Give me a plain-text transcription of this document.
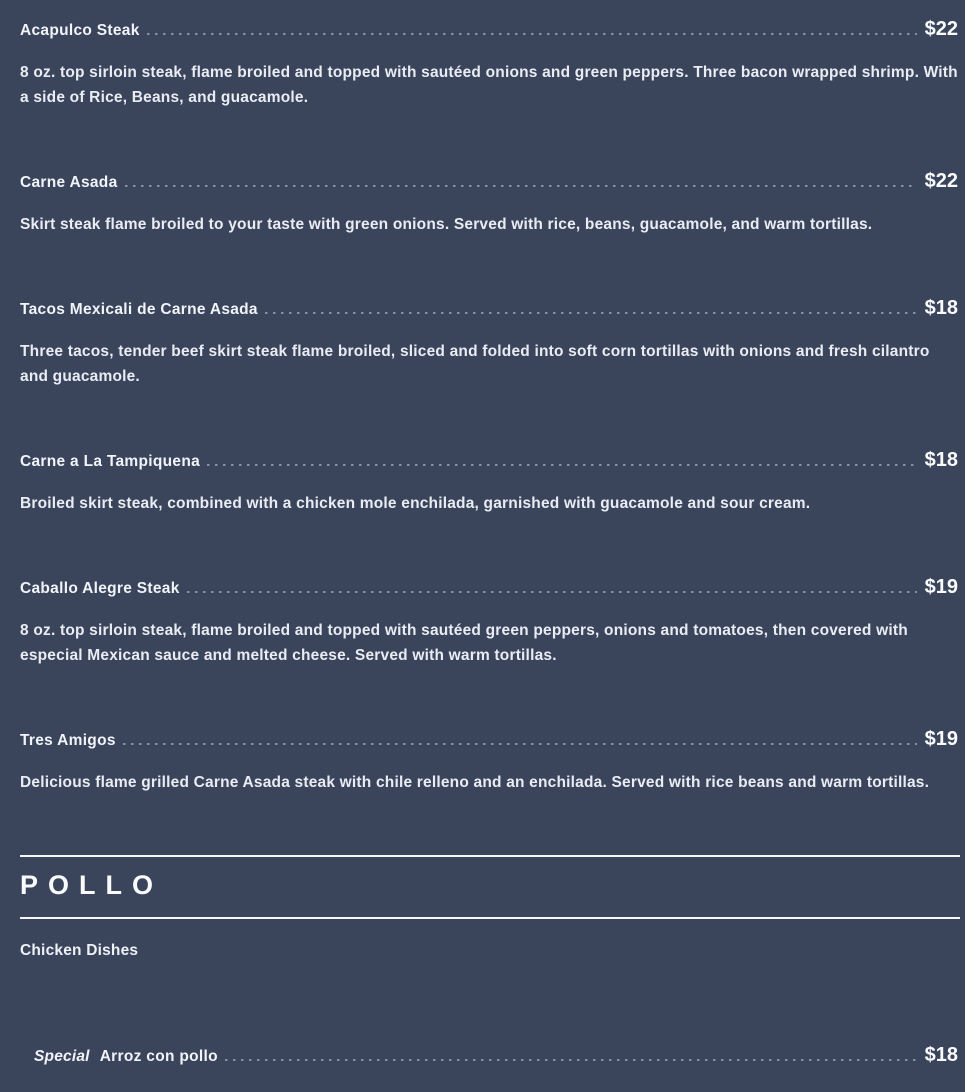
Acapulco Steak	$22
8 oz. top sirloin steak, flame broiled and topped with sautéed onions and green peppers. Three bacon wrapped shrimp. With a side of Rice, Beans, and guacamole.
Carne Asada	$22
Skirt steak flame broiled to your taste with green onions. Served with rice, beans, guacamole, and warm tortillas.
Tacos Mexicali de Carne Asada	$18
Three tacos, tender beef skirt steak flame broiled, sliced and folded into soft corn tortillas with onions and fresh cilantro and guacamole.
Carne a La Tampiquena	$18
Broiled skirt steak, combined with a chicken mole enchilada, garnished with guacamole and sour cream.
Caballo Alegre Steak	$19
8 oz. top sirloin steak, flame broiled and topped with sautéed green peppers, onions and tomatoes, then covered with especial Mexican sauce and melted cheese. Served with warm tortillas.
Tres Amigos	$19
Delicious flame grilled Carne Asada steak with chile relleno and an enchilada. Served with rice beans and warm tortillas.
POLLO
Chicken Dishes
Special Arroz con pollo	$18
